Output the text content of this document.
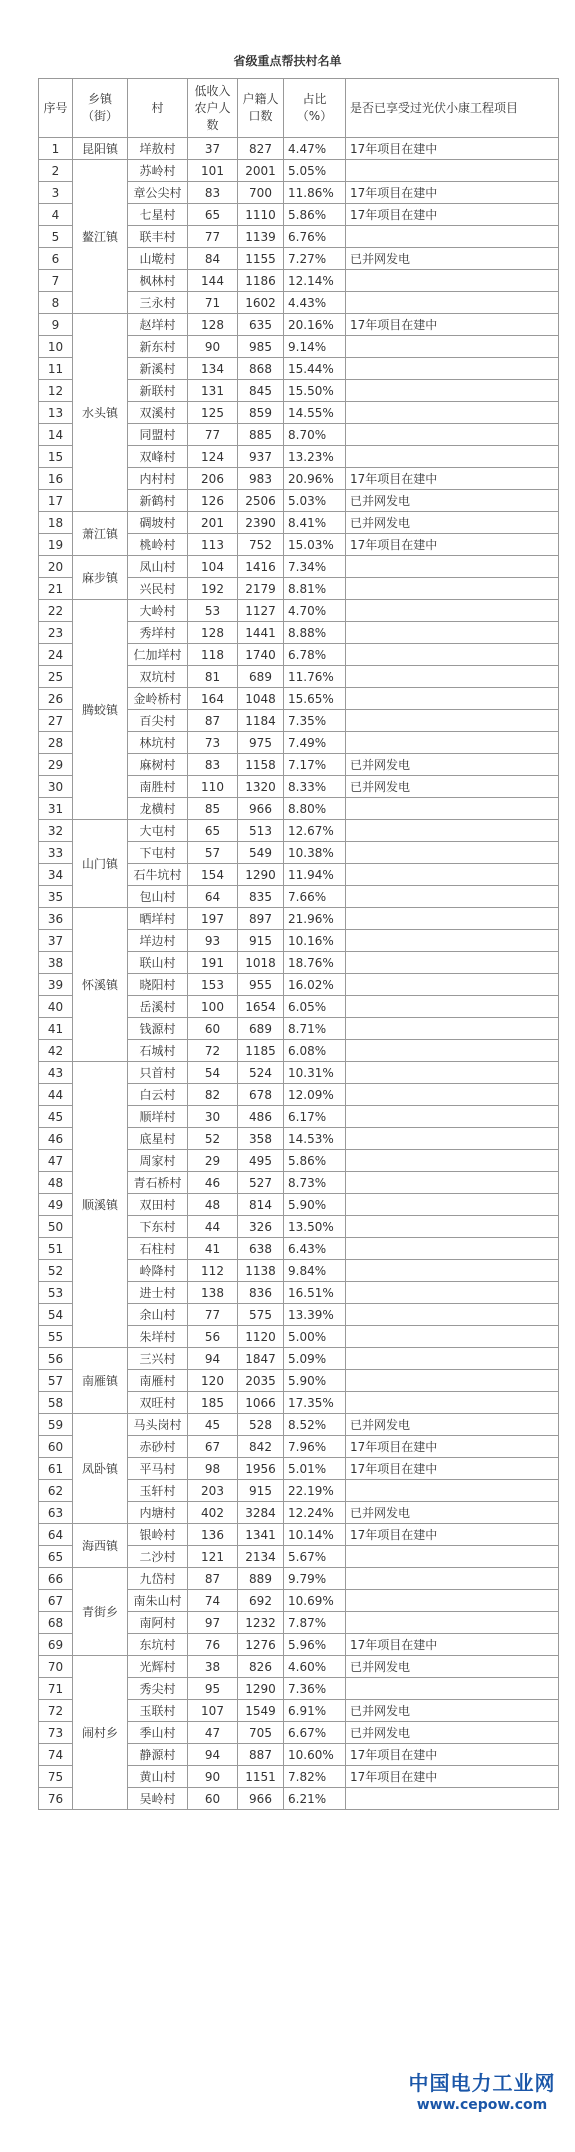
省级重点帮扶村名单
序号	乡镇（街）	村	低收入农户人数	户籍人口数	占比（%）	是否已享受过光伏小康工程项目
1	昆阳镇	垟敖村	37	827	4.47%	17年项目在建中
2	鳌江镇	苏岭村	101	2001	5.05%	
3		章公尖村	83	700	11.86%	17年项目在建中
4		七星村	65	1110	5.86%	17年项目在建中
5		联丰村	77	1139	6.76%	
6		山墘村	84	1155	7.27%	已并网发电
7		枫林村	144	1186	12.14%	
8		三永村	71	1602	4.43%	
9	水头镇	赵垟村	128	635	20.16%	17年项目在建中
10		新东村	90	985	9.14%	
11		新溪村	134	868	15.44%	
12		新联村	131	845	15.50%	
13		双溪村	125	859	14.55%	
14		同盟村	77	885	8.70%	
15		双峰村	124	937	13.23%	
16		内村村	206	983	20.96%	17年项目在建中
17		新鹤村	126	2506	5.03%	已并网发电
18	萧江镇	碉坡村	201	2390	8.41%	已并网发电
19		桃岭村	113	752	15.03%	17年项目在建中
20	麻步镇	凤山村	104	1416	7.34%	
21		兴民村	192	2179	8.81%	
22	腾蛟镇	大岭村	53	1127	4.70%	
23		秀垟村	128	1441	8.88%	
24		仁加垟村	118	1740	6.78%	
25		双坑村	81	689	11.76%	
26		金岭桥村	164	1048	15.65%	
27		百尖村	87	1184	7.35%	
28		林坑村	73	975	7.49%	
29		麻树村	83	1158	7.17%	已并网发电
30		南胜村	110	1320	8.33%	已并网发电
31		龙横村	85	966	8.80%	
32	山门镇	大屯村	65	513	12.67%	
33		下屯村	57	549	10.38%	
34		石牛坑村	154	1290	11.94%	
35		包山村	64	835	7.66%	
36	怀溪镇	晒垟村	197	897	21.96%	
37		垟边村	93	915	10.16%	
38		联山村	191	1018	18.76%	
39		晓阳村	153	955	16.02%	
40		岳溪村	100	1654	6.05%	
41		钱源村	60	689	8.71%	
42		石城村	72	1185	6.08%	
43	顺溪镇	只首村	54	524	10.31%	
44		白云村	82	678	12.09%	
45		顺垟村	30	486	6.17%	
46		底星村	52	358	14.53%	
47		周家村	29	495	5.86%	
48		青石桥村	46	527	8.73%	
49		双田村	48	814	5.90%	
50		下东村	44	326	13.50%	
51		石柱村	41	638	6.43%	
52		岭降村	112	1138	9.84%	
53		进士村	138	836	16.51%	
54		余山村	77	575	13.39%	
55		朱垟村	56	1120	5.00%	
56	南雁镇	三兴村	94	1847	5.09%	
57		南雁村	120	2035	5.90%	
58		双旺村	185	1066	17.35%	
59	凤卧镇	马头岗村	45	528	8.52%	已并网发电
60		赤砂村	67	842	7.96%	17年项目在建中
61		平马村	98	1956	5.01%	17年项目在建中
62		玉轩村	203	915	22.19%	
63		内塘村	402	3284	12.24%	已并网发电
64	海西镇	银岭村	136	1341	10.14%	17年项目在建中
65		二沙村	121	2134	5.67%	
66	青街乡	九岱村	87	889	9.79%	
67		南朱山村	74	692	10.69%	
68		南阿村	97	1232	7.87%	
69		东坑村	76	1276	5.96%	17年项目在建中
70	闹村乡	光辉村	38	826	4.60%	已并网发电
71		秀尖村	95	1290	7.36%	
72		玉联村	107	1549	6.91%	已并网发电
73		季山村	47	705	6.67%	已并网发电
74		静源村	94	887	10.60%	17年项目在建中
75		黄山村	90	1151	7.82%	17年项目在建中
76		吴岭村	60	966	6.21%	
中国电力工业网
www.cepow.com
